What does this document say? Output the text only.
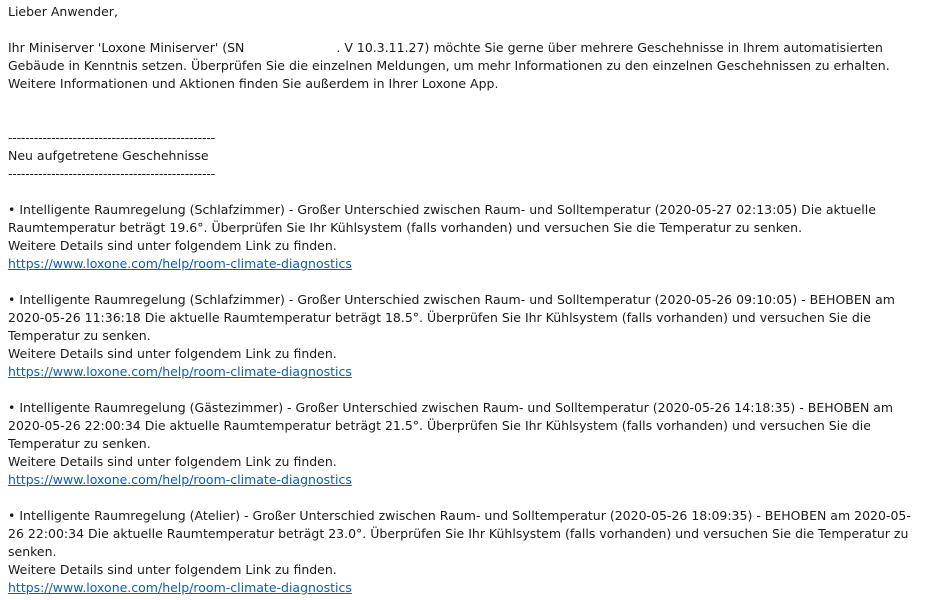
Lieber Anwender,
Ihr Miniserver 'Loxone Miniserver' (SN	. V 10.3.11.27) möchte Sie gerne über mehrere Geschehnisse in Ihrem automatisierten Gebäude in Kenntnis setzen. Überprüfen Sie die einzelnen Meldungen, um mehr Informationen zu den einzelnen Geschehnissen zu erhalten.
Weitere Informationen und Aktionen finden Sie außerdem in Ihrer Loxone App.
------------------------------------------------
Neu aufgetretene Geschehnisse
------------------------------------------------
• Intelligente Raumregelung (Schlafzimmer) - Großer Unterschied zwischen Raum- und Solltemperatur (2020-05-27 02:13:05) Die aktuelle Raumtemperatur beträgt 19.6°. Überprüfen Sie Ihr Kühlsystem (falls vorhanden) und versuchen Sie die Temperatur zu senken.
Weitere Details sind unter folgendem Link zu finden.
https://www.loxone.com/help/room-climate-diagnostics
• Intelligente Raumregelung (Schlafzimmer) - Großer Unterschied zwischen Raum- und Solltemperatur (2020-05-26 09:10:05) - BEHOBEN am 2020-05-26 11:36:18 Die aktuelle Raumtemperatur beträgt 18.5°. Überprüfen Sie Ihr Kühlsystem (falls vorhanden) und versuchen Sie die Temperatur zu senken.
Weitere Details sind unter folgendem Link zu finden.
https://www.loxone.com/help/room-climate-diagnostics
• Intelligente Raumregelung (Gästezimmer) - Großer Unterschied zwischen Raum- und Solltemperatur (2020-05-26 14:18:35) - BEHOBEN am 2020-05-26 22:00:34 Die aktuelle Raumtemperatur beträgt 21.5°. Überprüfen Sie Ihr Kühlsystem (falls vorhanden) und versuchen Sie die Temperatur zu senken.
Weitere Details sind unter folgendem Link zu finden.
https://www.loxone.com/help/room-climate-diagnostics
• Intelligente Raumregelung (Atelier) - Großer Unterschied zwischen Raum- und Solltemperatur (2020-05-26 18:09:35) - BEHOBEN am 2020-05-26 22:00:34 Die aktuelle Raumtemperatur beträgt 23.0°. Überprüfen Sie Ihr Kühlsystem (falls vorhanden) und versuchen Sie die Temperatur zu senken.
Weitere Details sind unter folgendem Link zu finden.
https://www.loxone.com/help/room-climate-diagnostics
